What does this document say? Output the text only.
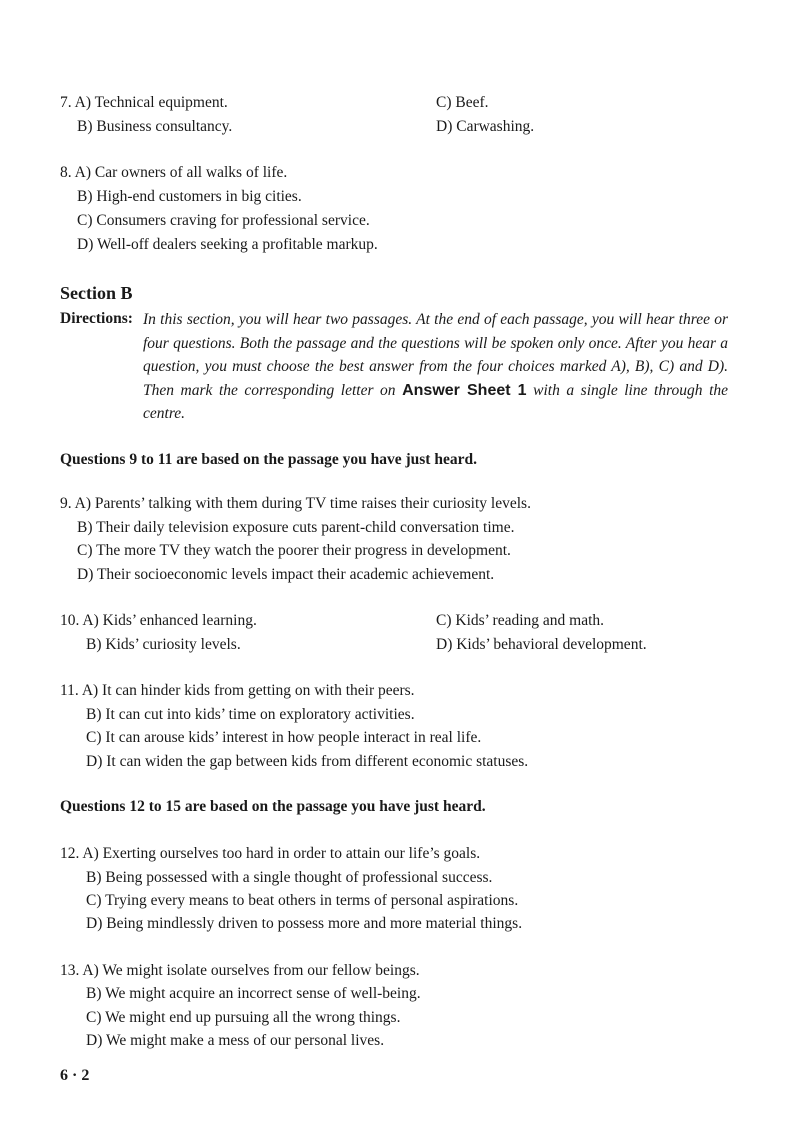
7. A) Technical equipment.	C) Beef.
B) Business consultancy.	D) Carwashing.
8. A) Car owners of all walks of life.
B) High-end customers in big cities.
C) Consumers craving for professional service.
D) Well-off dealers seeking a profitable markup.
Section B
Directions: In this section, you will hear two passages. At the end of each passage, you will hear three or four questions. Both the passage and the questions will be spoken only once. After you hear a question, you must choose the best answer from the four choices marked A), B), C) and D). Then mark the corresponding letter on Answer Sheet 1 with a single line through the centre.
Questions 9 to 11 are based on the passage you have just heard.
9. A) Parents’ talking with them during TV time raises their curiosity levels.
B) Their daily television exposure cuts parent-child conversation time.
C) The more TV they watch the poorer their progress in development.
D) Their socioeconomic levels impact their academic achievement.
10. A) Kids’ enhanced learning.	C) Kids’ reading and math.
B) Kids’ curiosity levels.	D) Kids’ behavioral development.
11. A) It can hinder kids from getting on with their peers.
B) It can cut into kids’ time on exploratory activities.
C) It can arouse kids’ interest in how people interact in real life.
D) It can widen the gap between kids from different economic statuses.
Questions 12 to 15 are based on the passage you have just heard.
12. A) Exerting ourselves too hard in order to attain our life’s goals.
B) Being possessed with a single thought of professional success.
C) Trying every means to beat others in terms of personal aspirations.
D) Being mindlessly driven to possess more and more material things.
13. A) We might isolate ourselves from our fellow beings.
B) We might acquire an incorrect sense of well-being.
C) We might end up pursuing all the wrong things.
D) We might make a mess of our personal lives.
6 · 2
